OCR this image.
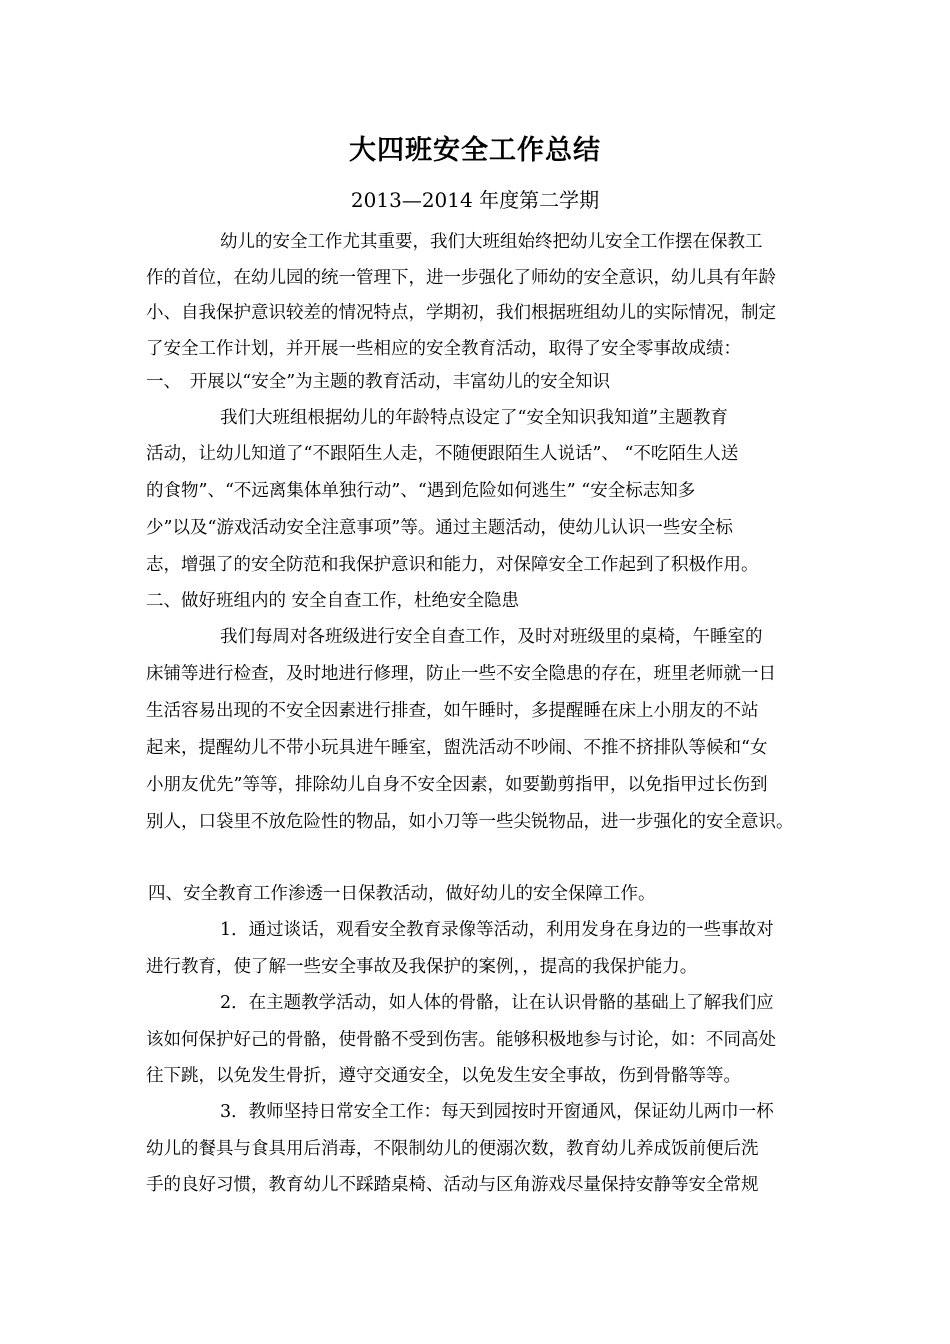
大四班安全工作总结
2013—2014 年度第二学期
幼儿的安全工作尤其重要，我们大班组始终把幼儿安全工作摆在保教工
作的首位，在幼儿园的统一管理下，进一步强化了师幼的安全意识，幼儿具有年龄
小、自我保护意识较差的情况特点，学期初，我们根据班组幼儿的实际情况，制定
了安全工作计划，并开展一些相应的安全教育活动，取得了安全零事故成绩：
一、　开展以“安全”为主题的教育活动，丰富幼儿的安全知识
我们大班组根据幼儿的年龄特点设定了“安全知识我知道”主题教育
活动，让幼儿知道了“不跟陌生人走，不随便跟陌生人说话”、 “不吃陌生人送
的食物”、“不远离集体单独行动”、“遇到危险如何逃生” “安全标志知多
少”以及“游戏活动安全注意事项”等。通过主题活动，使幼儿认识一些安全标
志，增强了的安全防范和我保护意识和能力，对保障安全工作起到了积极作用。
二、做好班组内的 安全自查工作，杜绝安全隐患
我们每周对各班级进行安全自查工作，及时对班级里的桌椅，午睡室的
床铺等进行检查，及时地进行修理，防止一些不安全隐患的存在，班里老师就一日
生活容易出现的不安全因素进行排查，如午睡时，多提醒睡在床上小朋友的不站
起来，提醒幼儿不带小玩具进午睡室，盥洗活动不吵闹、不推不挤排队等候和“女
小朋友优先”等等，排除幼儿自身不安全因素，如要勤剪指甲，以免指甲过长伤到
别人，口袋里不放危险性的物品，如小刀等一些尖锐物品，进一步强化的安全意识。
四、安全教育工作渗透一日保教活动，做好幼儿的安全保障工作。
1．通过谈话，观看安全教育录像等活动，利用发身在身边的一些事故对
进行教育，使了解一些安全事故及我保护的案例，，提高的我保护能力。
2．在主题教学活动，如人体的骨骼，让在认识骨骼的基础上了解我们应
该如何保护好己的骨骼，使骨骼不受到伤害。能够积极地参与讨论，如：不同高处
往下跳，以免发生骨折，遵守交通安全，以免发生安全事故，伤到骨骼等等。
3．教师坚持日常安全工作：每天到园按时开窗通风，保证幼儿两巾一杯
幼儿的餐具与食具用后消毒，不限制幼儿的便溺次数，教育幼儿养成饭前便后洗
手的良好习惯，教育幼儿不踩踏桌椅、活动与区角游戏尽量保持安静等安全常规
